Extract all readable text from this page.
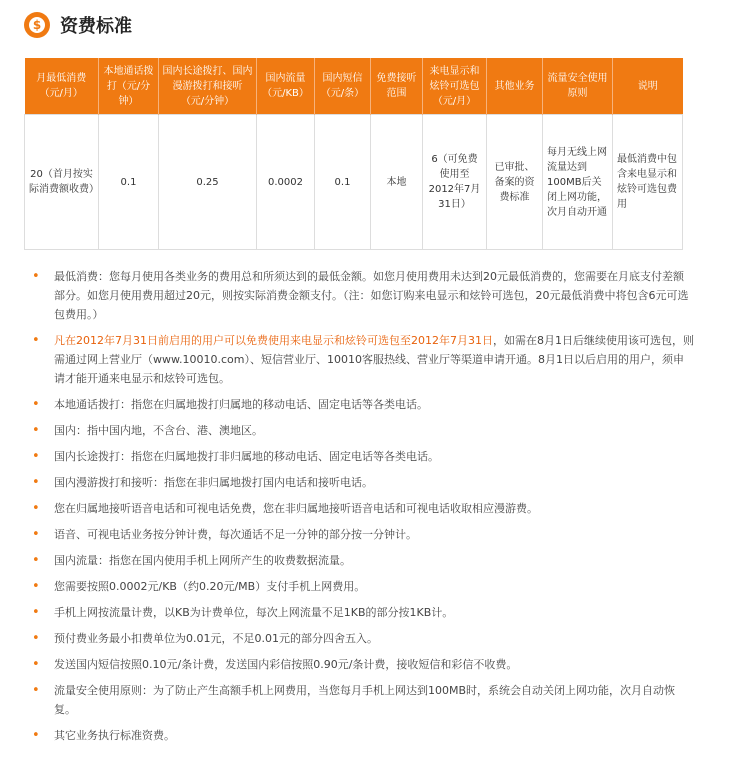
$
资费标准
月最低消费（元/月）	本地通话拨打（元/分钟）	国内长途拨打、国内漫游拨打和接听（元/分钟）	国内流量（元/KB）	国内短信（元/条）	免费接听范围	来电显示和炫铃可选包（元/月）	其他业务	流量安全使用原则	说明
20（首月按实际消费额收费）	0.1	0.25	0.0002	0.1	本地	6（可免费使用至2012年7月31日）	已审批、备案的资费标准	每月无线上网流量达到100MB后关闭上网功能，次月自动开通	最低消费中包含来电显示和炫铃可选包费用
• 最低消费：您每月使用各类业务的费用总和所须达到的最低金额。如您月使用费用未达到20元最低消费的，您需要在月底支付差额部分。如您月使用费用超过20元，则按实际消费金额支付。（注：如您订购来电显示和炫铃可选包，20元最低消费中将包含6元可选包费用。）
• 凡在2012年7月31日前启用的用户可以免费使用来电显示和炫铃可选包至2012年7月31日，如需在8月1日后继续使用该可选包，则需通过网上营业厅（www.10010.com）、短信营业厅、10010客服热线、营业厅等渠道申请开通。8月1日以后启用的用户，须申请才能开通来电显示和炫铃可选包。
• 本地通话拨打：指您在归属地拨打归属地的移动电话、固定电话等各类电话。
• 国内：指中国内地，不含台、港、澳地区。
• 国内长途拨打：指您在归属地拨打非归属地的移动电话、固定电话等各类电话。
• 国内漫游拨打和接听：指您在非归属地拨打国内电话和接听电话。
• 您在归属地接听语音电话和可视电话免费，您在非归属地接听语音电话和可视电话收取相应漫游费。
• 语音、可视电话业务按分钟计费，每次通话不足一分钟的部分按一分钟计。
• 国内流量：指您在国内使用手机上网所产生的收费数据流量。
• 您需要按照0.0002元/KB（约0.20元/MB）支付手机上网费用。
• 手机上网按流量计费，以KB为计费单位，每次上网流量不足1KB的部分按1KB计。
• 预付费业务最小扣费单位为0.01元，不足0.01元的部分四舍五入。
• 发送国内短信按照0.10元/条计费，发送国内彩信按照0.90元/条计费，接收短信和彩信不收费。
• 流量安全使用原则：为了防止产生高额手机上网费用，当您每月手机上网达到100MB时，系统会自动关闭上网功能，次月自动恢复。
• 其它业务执行标准资费。
